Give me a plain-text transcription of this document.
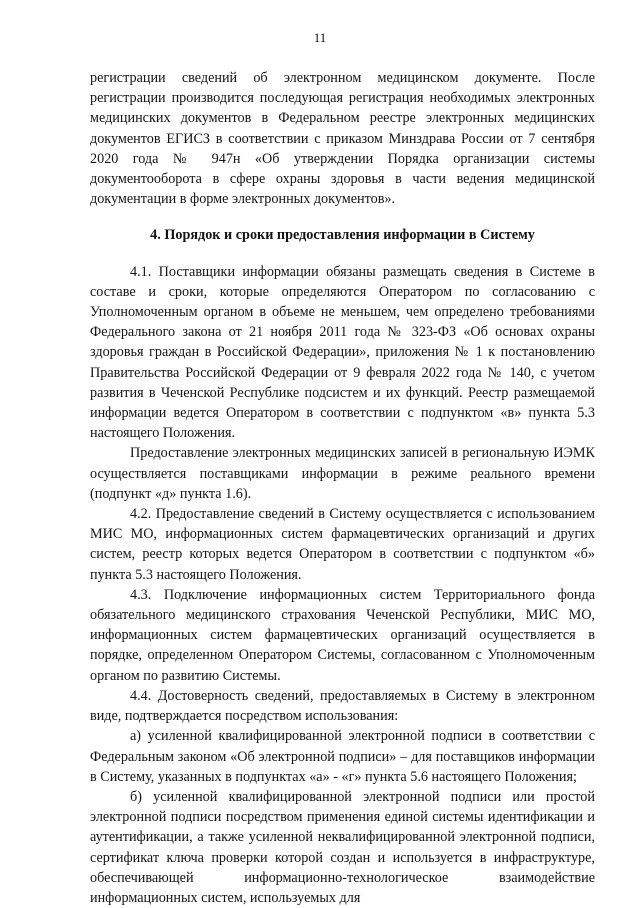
11

регистрации сведений об электронном медицинском документе. После регистрации производится последующая регистрация необходимых электронных медицинских документов в Федеральном реестре электронных медицинских документов ЕГИСЗ в соответствии с приказом Минздрава России от 7 сентября 2020 года № 947н «Об утверждении Порядка организации системы документооборота в сфере охраны здоровья в части ведения медицинской документации в форме электронных документов».

4. Порядок и сроки предоставления информации в Систему

4.1. Поставщики информации обязаны размещать сведения в Системе в составе и сроки, которые определяются Оператором по согласованию с Уполномоченным органом в объеме не меньшем, чем определено требованиями Федерального закона от 21 ноября 2011 года № 323-ФЗ «Об основах охраны здоровья граждан в Российской Федерации», приложения № 1 к постановлению Правительства Российской Федерации от 9 февраля 2022 года № 140, с учетом развития в Чеченской Республике подсистем и их функций. Реестр размещаемой информации ведется Оператором в соответствии с подпунктом «в» пункта 5.3 настоящего Положения.

Предоставление электронных медицинских записей в региональную ИЭМК осуществляется поставщиками информации в режиме реального времени (подпункт «д» пункта 1.6).

4.2. Предоставление сведений в Систему осуществляется с использованием МИС МО, информационных систем фармацевтических организаций и других систем, реестр которых ведется Оператором в соответствии с подпунктом «б» пункта 5.3 настоящего Положения.

4.3. Подключение информационных систем Территориального фонда обязательного медицинского страхования Чеченской Республики, МИС МО, информационных систем фармацевтических организаций осуществляется в порядке, определенном Оператором Системы, согласованном с Уполномоченным органом по развитию Системы.

4.4. Достоверность сведений, предоставляемых в Систему в электронном виде, подтверждается посредством использования:

а) усиленной квалифицированной электронной подписи в соответствии с Федеральным законом «Об электронной подписи» – для поставщиков информации в Систему, указанных в подпунктах «а» - «г» пункта 5.6 настоящего Положения;

б) усиленной квалифицированной электронной подписи или простой электронной подписи посредством применения единой системы идентификации и аутентификации, а также усиленной неквалифицированной электронной подписи, сертификат ключа проверки которой создан и используется в инфраструктуре, обеспечивающей информационно-технологическое взаимодействие информационных систем, используемых для
